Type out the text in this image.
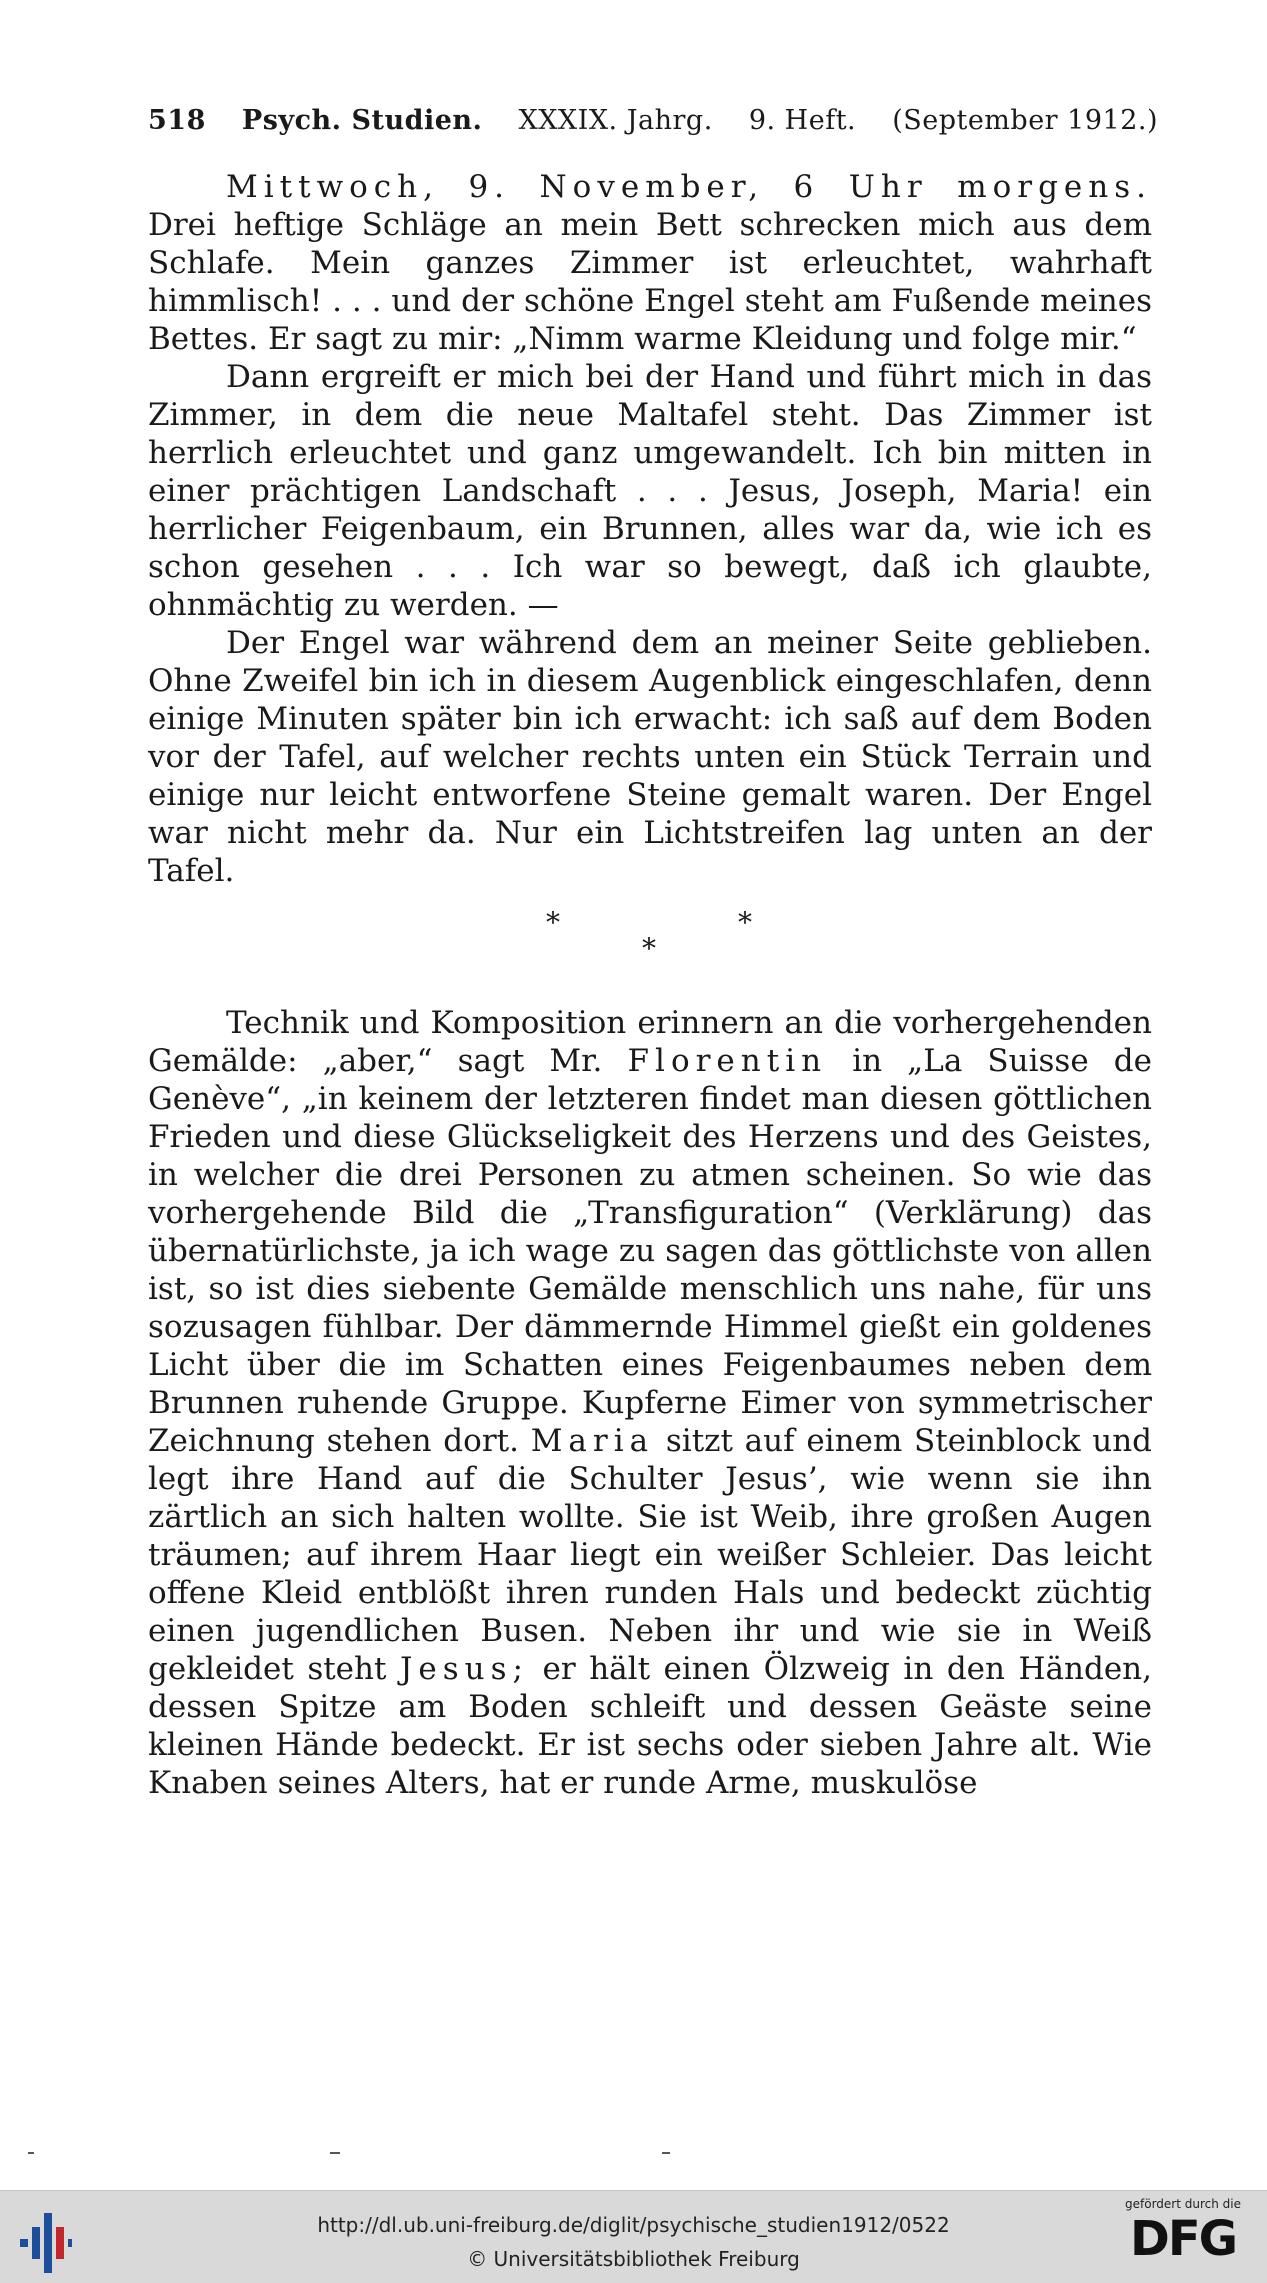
518 Psych. Studien. XXXIX. Jahrg. 9. Heft. (September 1912.)

Mittwoch, 9. November, 6 Uhr morgens. Drei heftige Schläge an mein Bett schrecken mich aus dem Schlafe. Mein ganzes Zimmer ist erleuchtet, wahrhaft himmlisch! . . . und der schöne Engel steht am Fußende meines Bettes. Er sagt zu mir: „Nimm warme Kleidung und folge mir.“

Dann ergreift er mich bei der Hand und führt mich in das Zimmer, in dem die neue Maltafel steht. Das Zimmer ist herrlich erleuchtet und ganz umgewandelt. Ich bin mitten in einer prächtigen Landschaft . . . Jesus, Joseph, Maria! ein herrlicher Feigenbaum, ein Brunnen, alles war da, wie ich es schon gesehen . . . Ich war so bewegt, daß ich glaubte, ohnmächtig zu werden. —

Der Engel war während dem an meiner Seite geblieben. Ohne Zweifel bin ich in diesem Augenblick eingeschlafen, denn einige Minuten später bin ich erwacht: ich saß auf dem Boden vor der Tafel, auf welcher rechts unten ein Stück Terrain und einige nur leicht entworfene Steine gemalt waren. Der Engel war nicht mehr da. Nur ein Lichtstreifen lag unten an der Tafel.

*	*
*

Technik und Komposition erinnern an die vorhergehenden Gemälde: „aber,“ sagt Mr. Florentin in „La Suisse de Genève“, „in keinem der letzteren findet man diesen göttlichen Frieden und diese Glückseligkeit des Herzens und des Geistes, in welcher die drei Personen zu atmen scheinen. So wie das vorhergehende Bild die „Transfiguration“ (Verklärung) das übernatürlichste, ja ich wage zu sagen das göttlichste von allen ist, so ist dies siebente Gemälde menschlich uns nahe, für uns sozusagen fühlbar. Der dämmernde Himmel gießt ein goldenes Licht über die im Schatten eines Feigenbaumes neben dem Brunnen ruhende Gruppe. Kupferne Eimer von symmetrischer Zeichnung stehen dort. Maria sitzt auf einem Steinblock und legt ihre Hand auf die Schulter Jesus’, wie wenn sie ihn zärtlich an sich halten wollte. Sie ist Weib, ihre großen Augen träumen; auf ihrem Haar liegt ein weißer Schleier. Das leicht offene Kleid entblößt ihren runden Hals und bedeckt züchtig einen jugendlichen Busen. Neben ihr und wie sie in Weiß gekleidet steht Jesus; er hält einen Ölzweig in den Händen, dessen Spitze am Boden schleift und dessen Geäste seine kleinen Hände bedeckt. Er ist sechs oder sieben Jahre alt. Wie Knaben seines Alters, hat er runde Arme, muskulöse

http://dl.ub.uni-freiburg.de/diglit/psychische_studien1912/0522
© Universitätsbibliothek Freiburg
gefördert durch die
DFG
